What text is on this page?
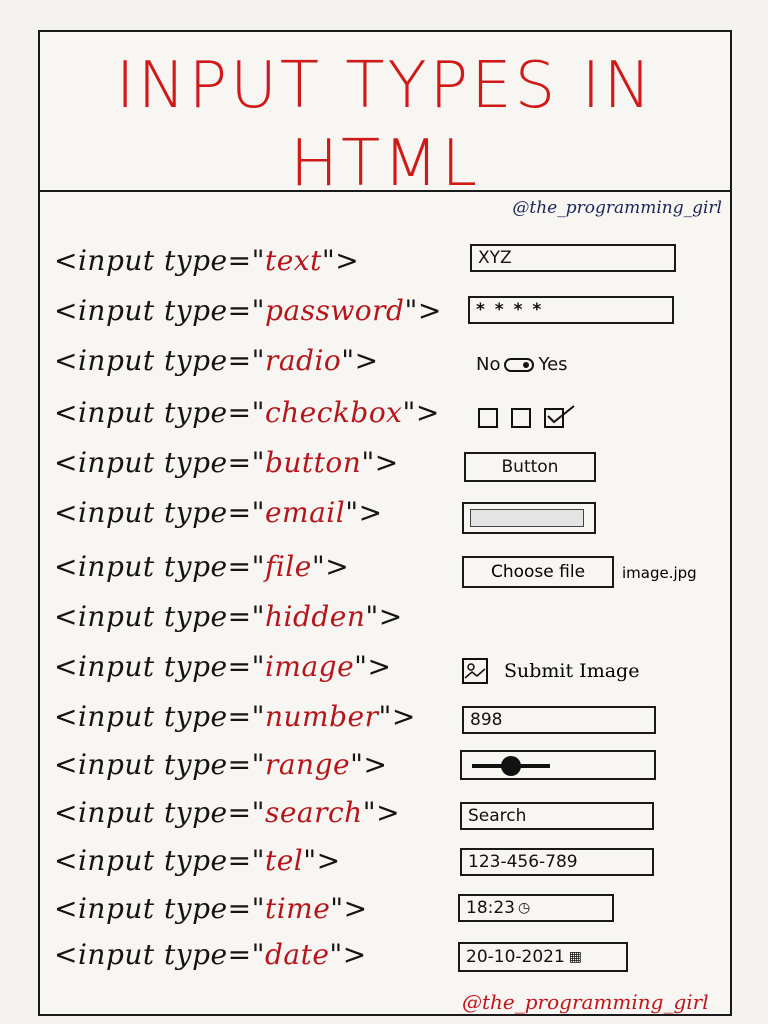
INPUT TYPES IN
HTML
@the_programming_girl
<input type="text">	XYZ
<input type="password">	* * * *
<input type="radio">	No Yes
<input type="checkbox">

<input type="button">	Button
<input type="email">
<input type="file">	Choose file	image.jpg
<input type="hidden">
<input type="image">	Submit Image
<input type="number">	898
<input type="range">
<input type="search">	Search
<input type="tel">	123-456-789
<input type="time">	18:23 ◷
<input type="date">	20-10-2021 ▦
@the_programming_girl
